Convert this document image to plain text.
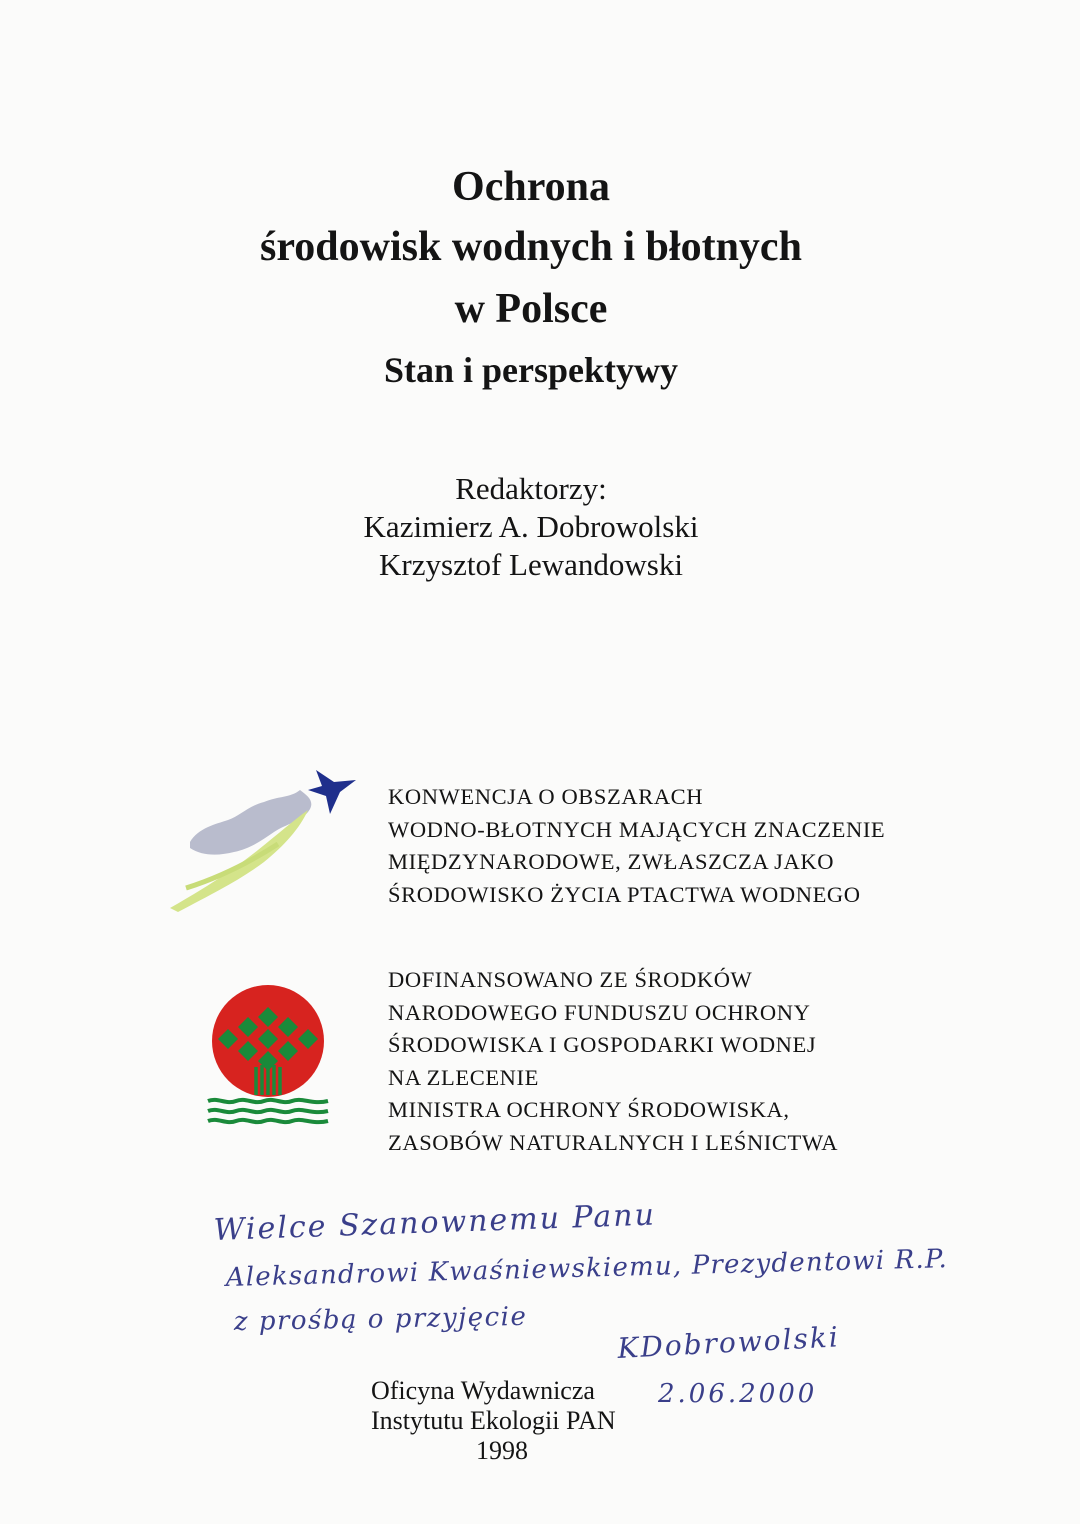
Ochrona
środowisk wodnych i błotnych
w Polsce
Stan i perspektywy
Redaktorzy:
Kazimierz A. Dobrowolski
Krzysztof Lewandowski
KONWENCJA O OBSZARACH
WODNO-BŁOTNYCH MAJĄCYCH ZNACZENIE
MIĘDZYNARODOWE, ZWŁASZCZA JAKO
ŚRODOWISKO ŻYCIA PTACTWA WODNEGO
DOFINANSOWANO ZE ŚRODKÓW
NARODOWEGO FUNDUSZU OCHRONY
ŚRODOWISKA I GOSPODARKI WODNEJ
NA ZLECENIE
MINISTRA OCHRONY ŚRODOWISKA,
ZASOBÓW NATURALNYCH I LEŚNICTWA
Wielce Szanownemu Panu
Aleksandrowi Kwaśniewskiemu, Prezydentowi R.P.
z prośbą o przyjęcie
KDobrowolski
2.06.2000
Oficyna Wydawnicza
Instytutu Ekologii PAN
1998
